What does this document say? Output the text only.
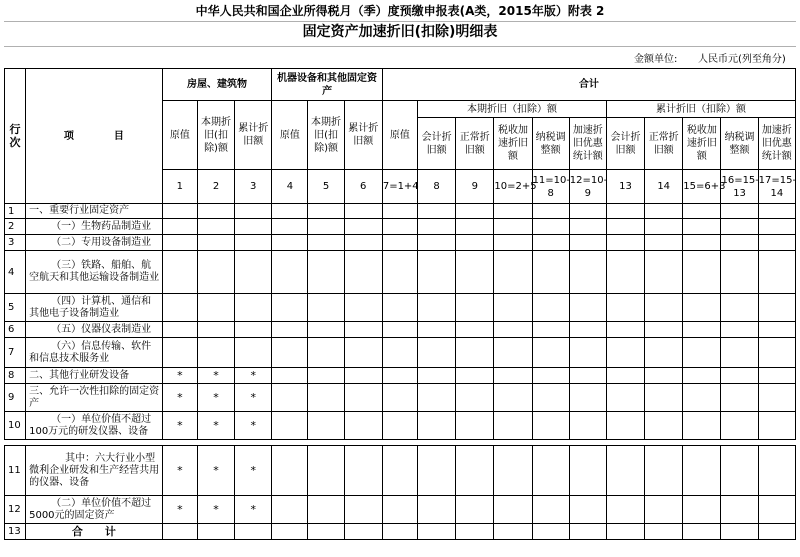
中华人民共和国企业所得税月（季）度预缴申报表(A类，2015年版）附表 2
固定资产加速折旧(扣除)明细表
金额单位: 人民币元(列至角分)
行次	项　　　　目	房屋、建筑物			机器设备和其他固定资产			合计										
		原值	本期折旧(扣除)额	累计折旧额	原值	本期折旧(扣除)额	累计折旧额	原值	本期折旧（扣除）额					累计折旧（扣除）额				
									会计折旧额	正常折旧额	税收加速折旧额	纳税调整额	加速折旧优惠统计额	会计折旧额	正常折旧额	税收加速折旧额	纳税调整额	加速折旧优惠统计额
		1	2	3	4	5	6	7=1+4	8	9	10=2+5	11=10-8	12=10-9	13	14	15=6+3	16=15-13	17=15-14
1	一、重要行业固定资产																	
2	（一）生物药品制造业																	
3	（二）专用设备制造业																	
4	（三）铁路、船舶、航空航天和其他运输设备制造业																	
5	（四）计算机、通信和其他电子设备制造业																	
6	（五）仪器仪表制造业																	
7	（六）信息传输、软件和信息技术服务业																	
8	二、其他行业研发设备	*	*	*														
9	三、允许一次性扣除的固定资产	*	*	*														
10	（一）单位价值不超过100万元的研发仪器、设备	*	*	*														

11	其中：六大行业小型微利企业研发和生产经营共用的仪器、设备	*	*	*														
12	（二）单位价值不超过5000元的固定资产	*	*	*														
13	合　　计																	
